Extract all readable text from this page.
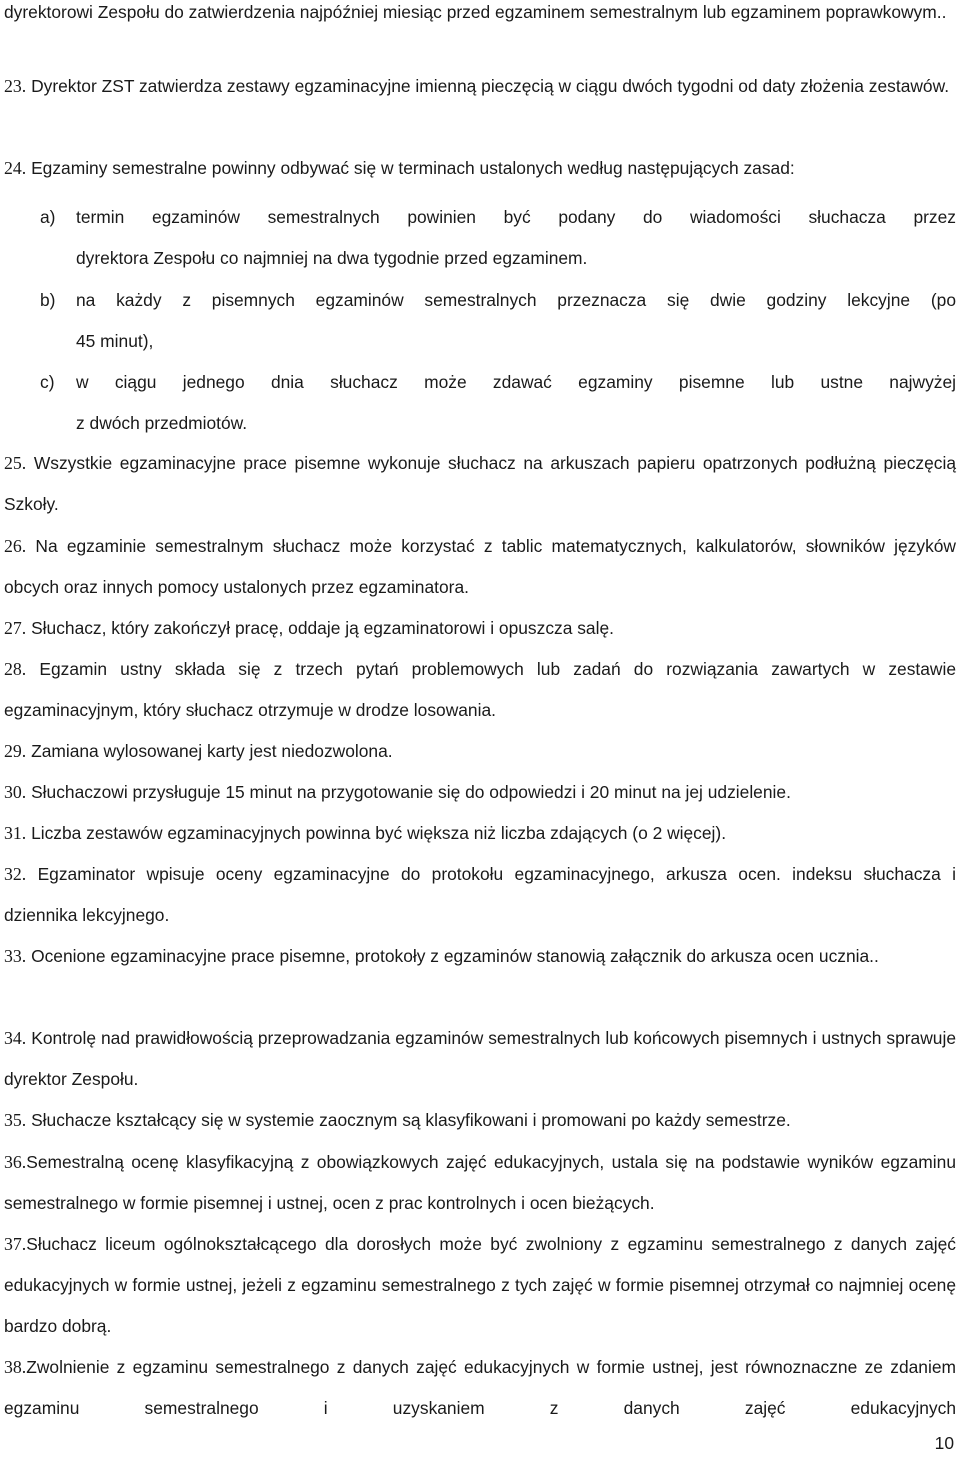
dyrektorowi Zespołu do zatwierdzenia najpóźniej miesiąc przed egzaminem semestralnym lub egzaminem poprawkowym..

23. Dyrektor ZST zatwierdza zestawy egzaminacyjne imienną pieczęcią w ciągu dwóch tygodni od daty złożenia zestawów.

24. Egzaminy semestralne powinny odbywać się w terminach ustalonych według następujących zasad:

a) termin egzaminów semestralnych powinien być podany do wiadomości słuchacza przez
dyrektora Zespołu co najmniej na dwa tygodnie przed egzaminem.
b) na każdy z pisemnych egzaminów semestralnych przeznacza się dwie godziny lekcyjne (po
45 minut),
c) w ciągu jednego dnia słuchacz może zdawać egzaminy pisemne lub ustne najwyżej
z dwóch przedmiotów.

25. Wszystkie egzaminacyjne prace pisemne wykonuje słuchacz na arkuszach papieru opatrzonych podłużną pieczęcią Szkoły.

26. Na egzaminie semestralnym słuchacz może korzystać z tablic matematycznych, kalkulatorów, słowników języków obcych oraz innych pomocy ustalonych przez egzaminatora.

27. Słuchacz, który zakończył pracę, oddaje ją egzaminatorowi i opuszcza salę.

28. Egzamin ustny składa się z trzech pytań problemowych lub zadań do rozwiązania zawartych w zestawie egzaminacyjnym, który słuchacz otrzymuje w drodze losowania.

29. Zamiana wylosowanej karty jest niedozwolona.

30. Słuchaczowi przysługuje 15 minut na przygotowanie się do odpowiedzi i 20 minut na jej udzielenie.

31. Liczba zestawów egzaminacyjnych powinna być większa niż liczba zdających (o 2 więcej).

32. Egzaminator wpisuje oceny egzaminacyjne do protokołu egzaminacyjnego, arkusza ocen. indeksu słuchacza i dziennika lekcyjnego.

33. Ocenione egzaminacyjne prace pisemne, protokoły z egzaminów stanowią załącznik do arkusza ocen ucznia..

34. Kontrolę nad prawidłowością przeprowadzania egzaminów semestralnych lub końcowych pisemnych i ustnych sprawuje dyrektor Zespołu.

35. Słuchacze kształcący się w systemie zaocznym są klasyfikowani i promowani po każdy semestrze.

36.Semestralną ocenę klasyfikacyjną z obowiązkowych zajęć edukacyjnych, ustala się na podstawie wyników egzaminu semestralnego w formie pisemnej i ustnej, ocen z prac kontrolnych i ocen bieżących.

37.Słuchacz liceum ogólnokształcącego dla dorosłych może być zwolniony z egzaminu semestralnego z danych zajęć edukacyjnych w formie ustnej, jeżeli z egzaminu semestralnego z tych zajęć w formie pisemnej otrzymał co najmniej ocenę bardzo dobrą.

38.Zwolnienie z egzaminu semestralnego z danych zajęć edukacyjnych w formie ustnej, jest równoznaczne ze zdaniem egzaminu semestralnego i uzyskaniem z danych zajęć edukacyjnych

10
